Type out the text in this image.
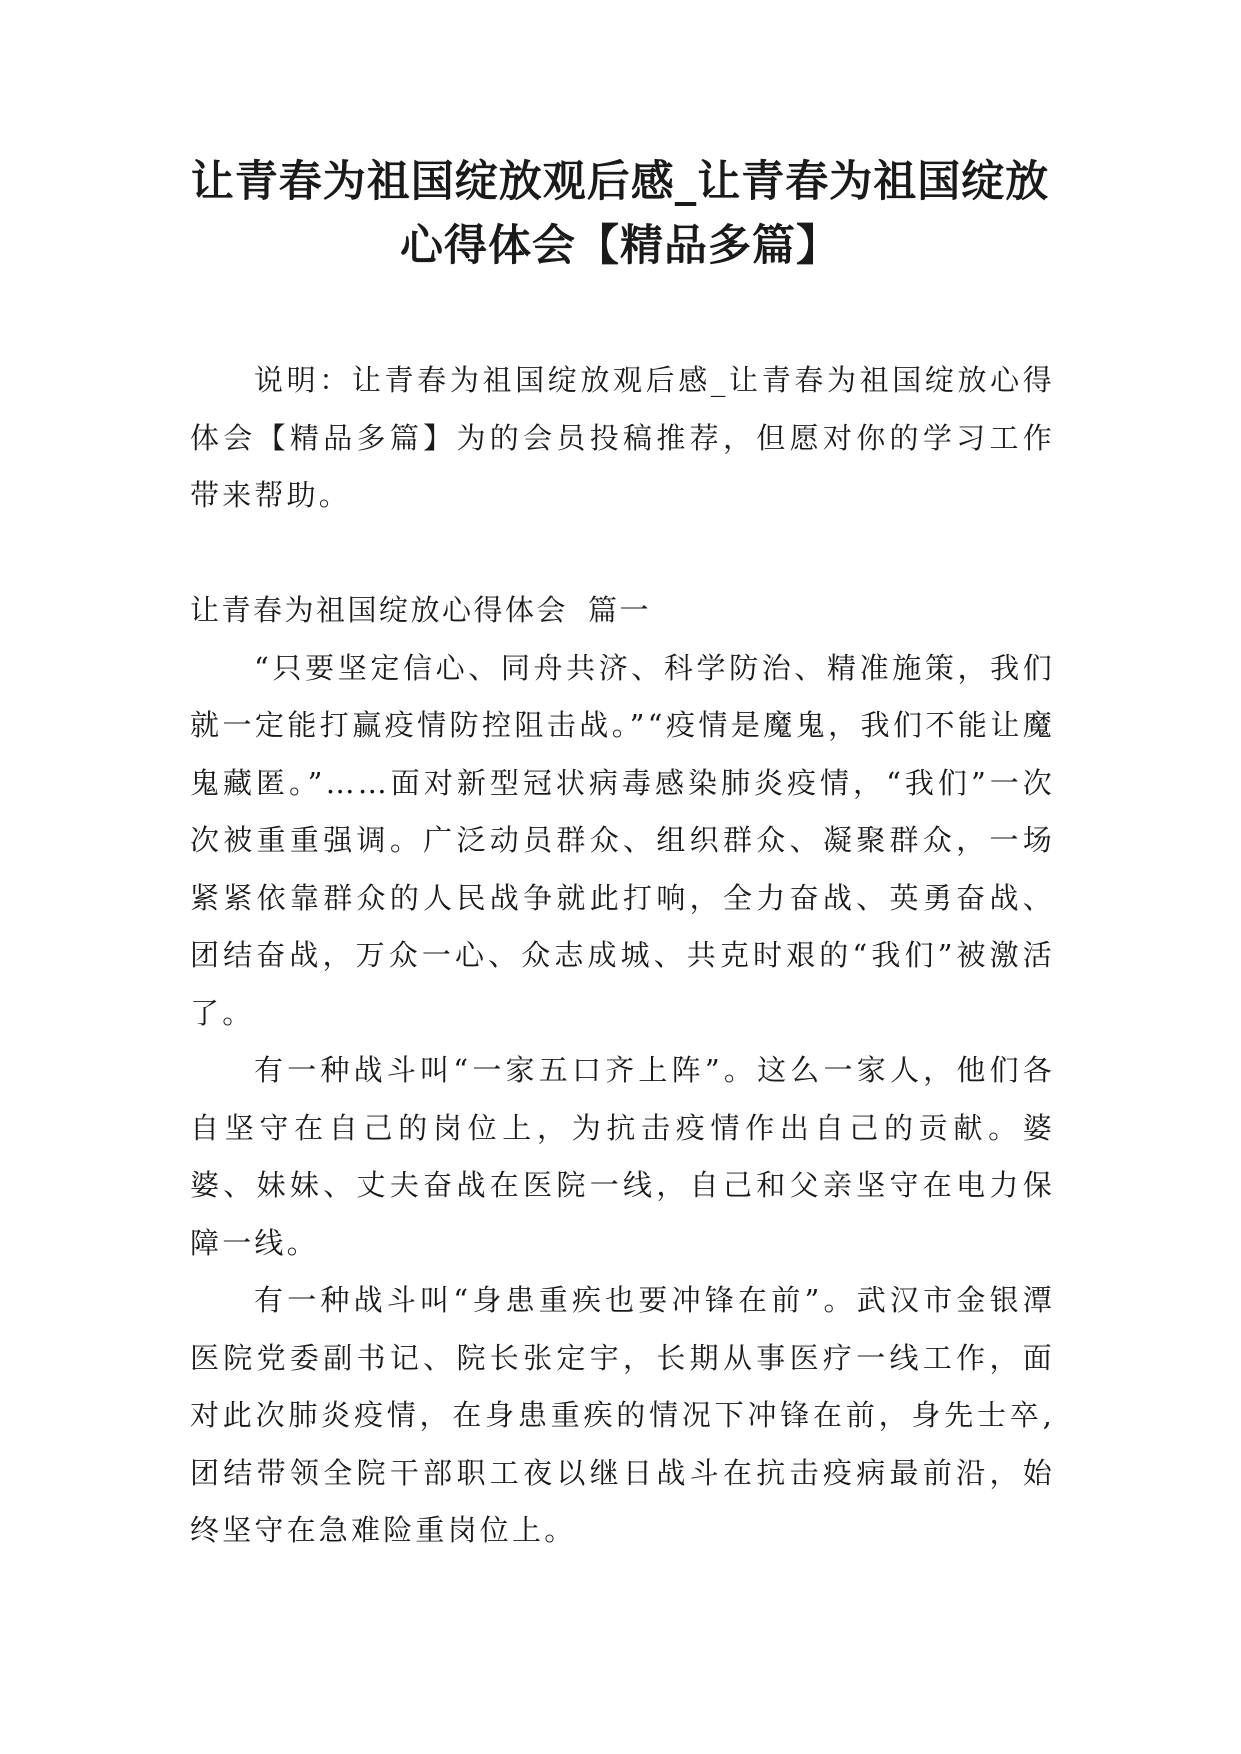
让青春为祖国绽放观后感_让青春为祖国绽放心得体会【精品多篇】

说明：让青春为祖国绽放观后感_让青春为祖国绽放心得体会【精品多篇】为的会员投稿推荐，但愿对你的学习工作带来帮助。

让青春为祖国绽放心得体会 篇一

“只要坚定信心、同舟共济、科学防治、精准施策，我们就一定能打赢疫情防控阻击战。”“疫情是魔鬼，我们不能让魔鬼藏匿。”……面对新型冠状病毒感染肺炎疫情，“我们”一次次被重重强调。广泛动员群众、组织群众、凝聚群众，一场紧紧依靠群众的人民战争就此打响，全力奋战、英勇奋战、团结奋战，万众一心、众志成城、共克时艰的“我们”被激活了。

有一种战斗叫“一家五口齐上阵”。这么一家人，他们各自坚守在自己的岗位上，为抗击疫情作出自己的贡献。婆婆、妹妹、丈夫奋战在医院一线，自己和父亲坚守在电力保障一线。

有一种战斗叫“身患重疾也要冲锋在前”。武汉市金银潭医院党委副书记、院长张定宇，长期从事医疗一线工作，面对此次肺炎疫情，在身患重疾的情况下冲锋在前，身先士卒,团结带领全院干部职工夜以继日战斗在抗击疫病最前沿，始终坚守在急难险重岗位上。
